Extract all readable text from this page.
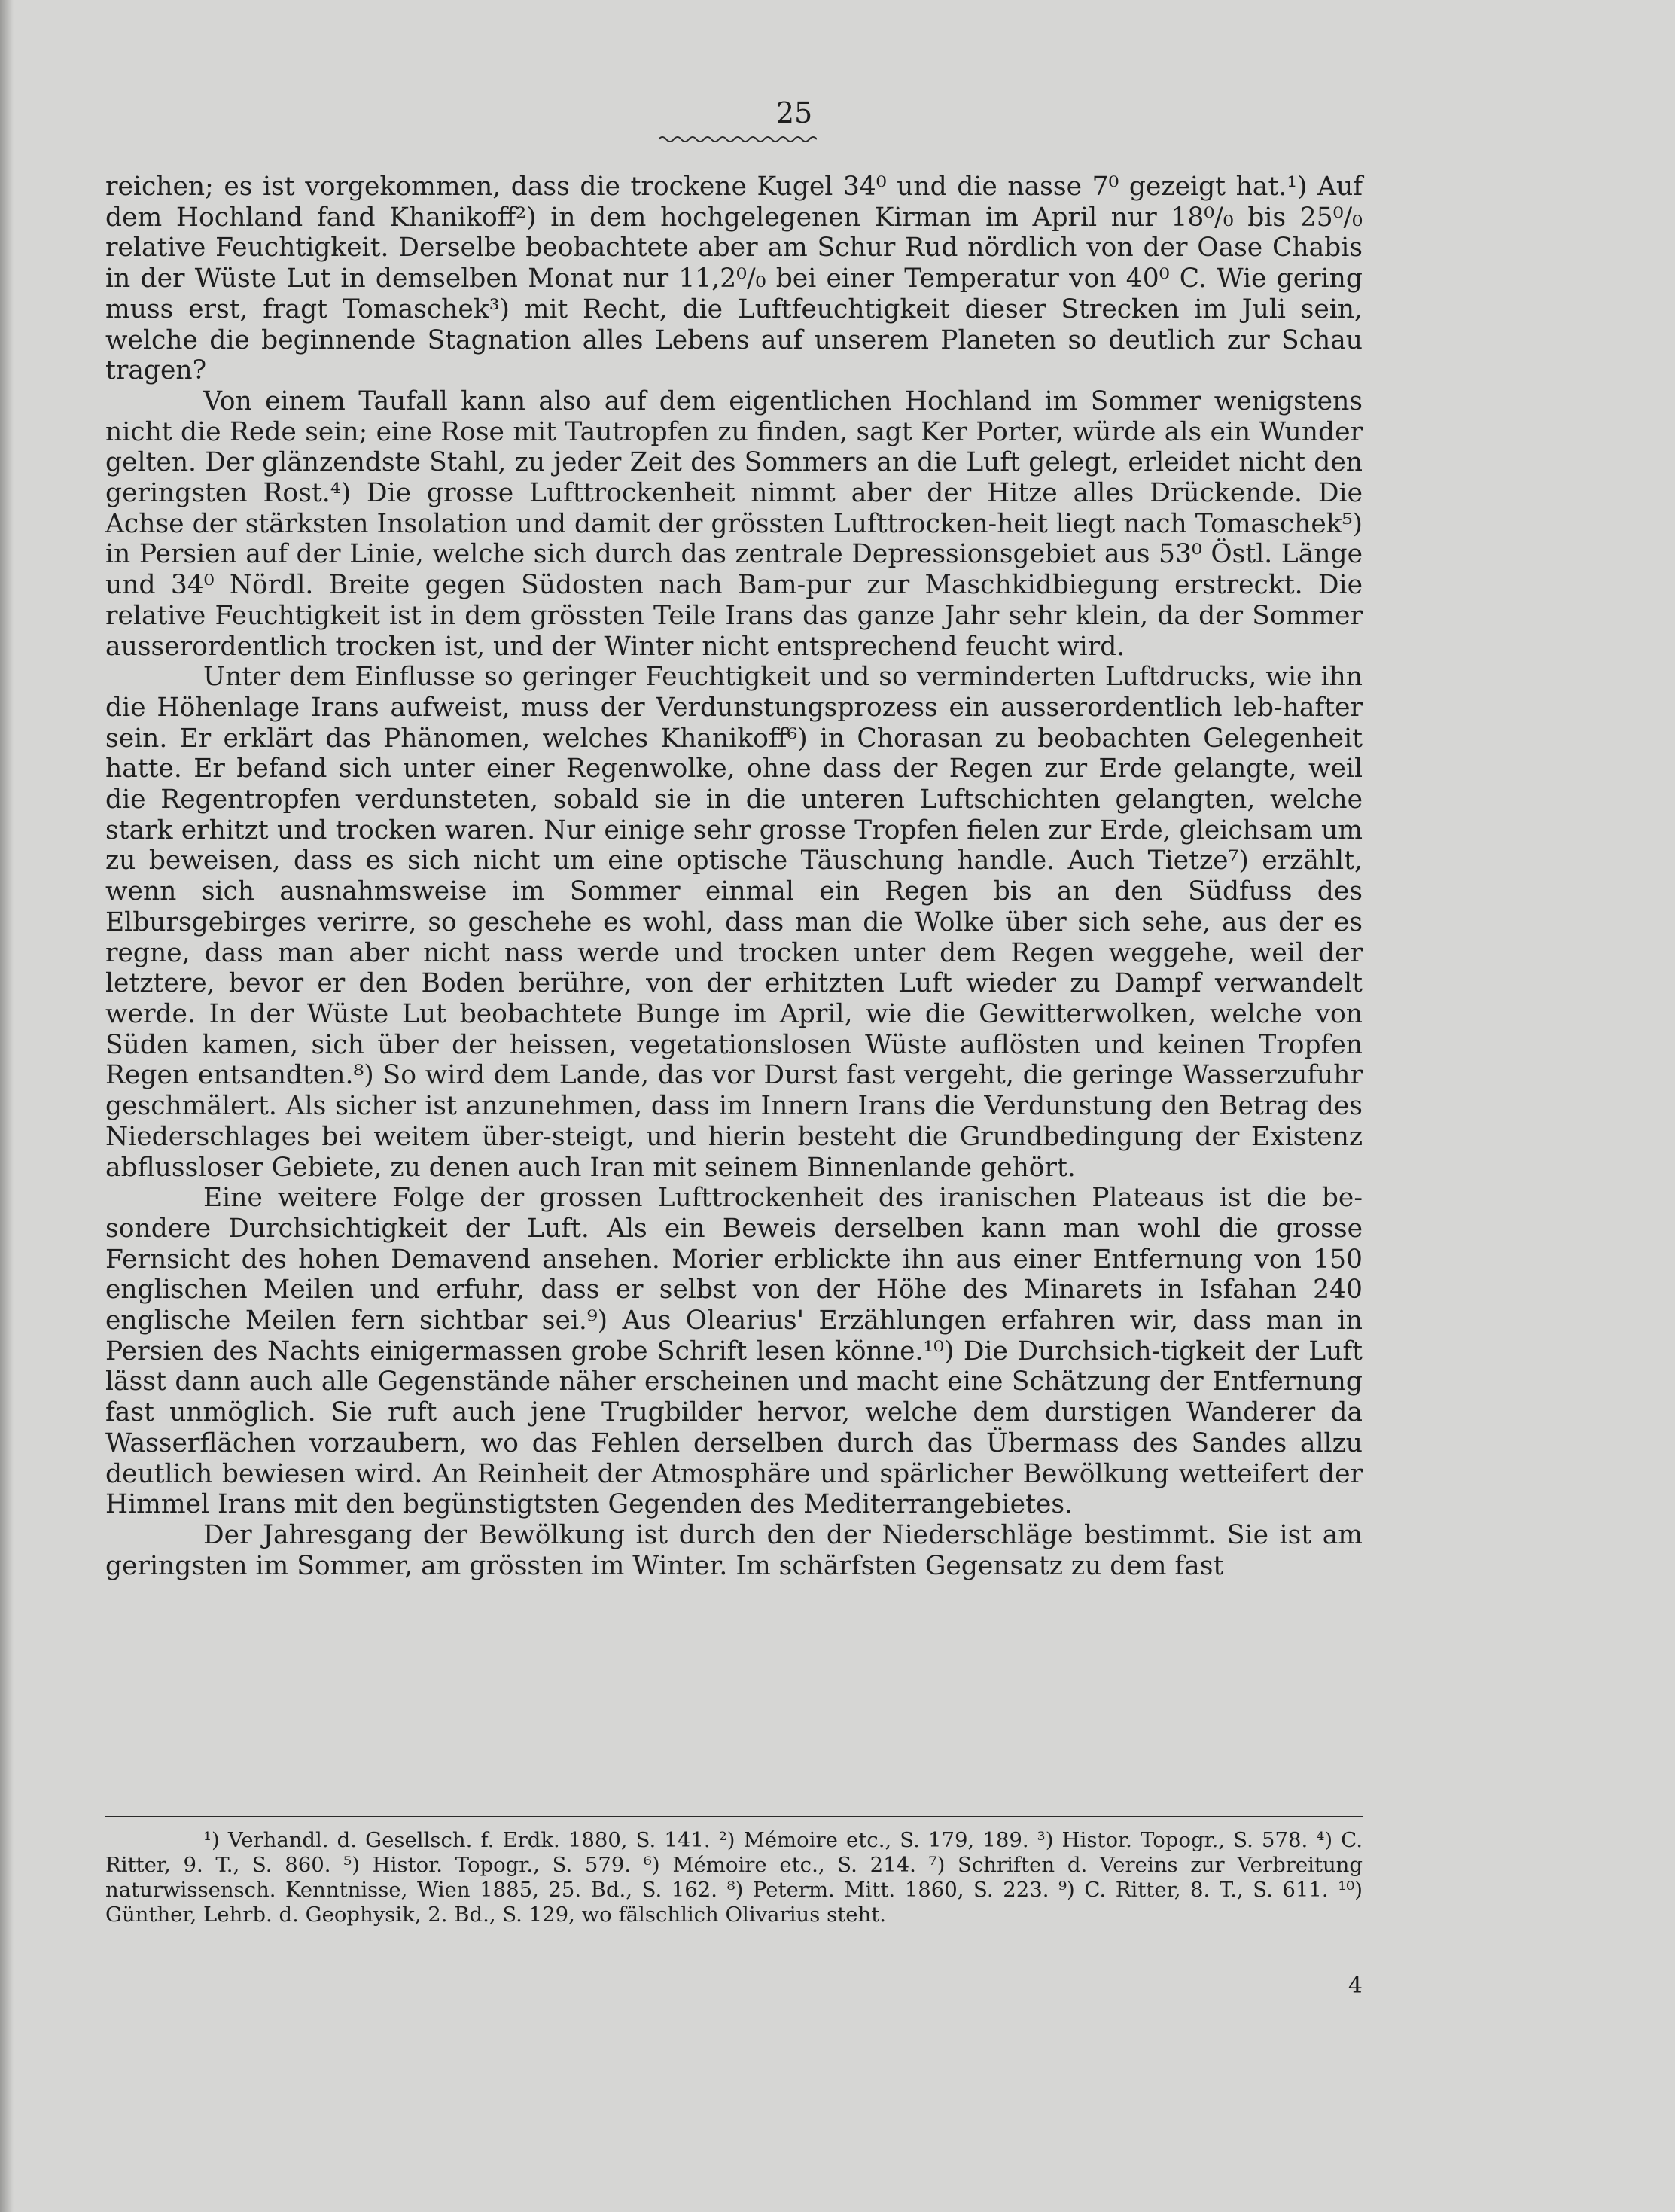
25

reichen; es ist vorgekommen, dass die trockene Kugel 34⁰ und die nasse 7⁰ gezeigt hat.¹) Auf dem Hochland fand Khanikoff²) in dem hochgelegenen Kirman im April nur 18⁰/₀ bis 25⁰/₀ relative Feuchtigkeit. Derselbe beobachtete aber am Schur Rud nördlich von der Oase Chabis in der Wüste Lut in demselben Monat nur 11,2⁰/₀ bei einer Temperatur von 40⁰ C. Wie gering muss erst, fragt Tomaschek³) mit Recht, die Luftfeuchtigkeit dieser Strecken im Juli sein, welche die beginnende Stagnation alles Lebens auf unserem Planeten so deutlich zur Schau tragen?

Von einem Taufall kann also auf dem eigentlichen Hochland im Sommer wenigstens nicht die Rede sein; eine Rose mit Tautropfen zu finden, sagt Ker Porter, würde als ein Wunder gelten. Der glänzendste Stahl, zu jeder Zeit des Sommers an die Luft gelegt, erleidet nicht den geringsten Rost.⁴) Die grosse Lufttrockenheit nimmt aber der Hitze alles Drückende. Die Achse der stärksten Insolation und damit der grössten Lufttrocken-heit liegt nach Tomaschek⁵) in Persien auf der Linie, welche sich durch das zentrale Depressionsgebiet aus 53⁰ Östl. Länge und 34⁰ Nördl. Breite gegen Südosten nach Bam-pur zur Maschkidbiegung erstreckt. Die relative Feuchtigkeit ist in dem grössten Teile Irans das ganze Jahr sehr klein, da der Sommer ausserordentlich trocken ist, und der Winter nicht entsprechend feucht wird.

Unter dem Einflusse so geringer Feuchtigkeit und so verminderten Luftdrucks, wie ihn die Höhenlage Irans aufweist, muss der Verdunstungsprozess ein ausserordentlich leb-hafter sein. Er erklärt das Phänomen, welches Khanikoff⁶) in Chorasan zu beobachten Gelegenheit hatte. Er befand sich unter einer Regenwolke, ohne dass der Regen zur Erde gelangte, weil die Regentropfen verdunsteten, sobald sie in die unteren Luftschichten gelangten, welche stark erhitzt und trocken waren. Nur einige sehr grosse Tropfen fielen zur Erde, gleichsam um zu beweisen, dass es sich nicht um eine optische Täuschung handle. Auch Tietze⁷) erzählt, wenn sich ausnahmsweise im Sommer einmal ein Regen bis an den Südfuss des Elbursgebirges verirre, so geschehe es wohl, dass man die Wolke über sich sehe, aus der es regne, dass man aber nicht nass werde und trocken unter dem Regen weggehe, weil der letztere, bevor er den Boden berühre, von der erhitzten Luft wieder zu Dampf verwandelt werde. In der Wüste Lut beobachtete Bunge im April, wie die Gewitterwolken, welche von Süden kamen, sich über der heissen, vegetationslosen Wüste auflösten und keinen Tropfen Regen entsandten.⁸) So wird dem Lande, das vor Durst fast vergeht, die geringe Wasserzufuhr geschmälert. Als sicher ist anzunehmen, dass im Innern Irans die Verdunstung den Betrag des Niederschlages bei weitem über-steigt, und hierin besteht die Grundbedingung der Existenz abflussloser Gebiete, zu denen auch Iran mit seinem Binnenlande gehört.

Eine weitere Folge der grossen Lufttrockenheit des iranischen Plateaus ist die be-sondere Durchsichtigkeit der Luft. Als ein Beweis derselben kann man wohl die grosse Fernsicht des hohen Demavend ansehen. Morier erblickte ihn aus einer Entfernung von 150 englischen Meilen und erfuhr, dass er selbst von der Höhe des Minarets in Isfahan 240 englische Meilen fern sichtbar sei.⁹) Aus Olearius' Erzählungen erfahren wir, dass man in Persien des Nachts einigermassen grobe Schrift lesen könne.¹⁰) Die Durchsich-tigkeit der Luft lässt dann auch alle Gegenstände näher erscheinen und macht eine Schätzung der Entfernung fast unmöglich. Sie ruft auch jene Trugbilder hervor, welche dem durstigen Wanderer da Wasserflächen vorzaubern, wo das Fehlen derselben durch das Übermass des Sandes allzu deutlich bewiesen wird. An Reinheit der Atmosphäre und spärlicher Bewölkung wetteifert der Himmel Irans mit den begünstigtsten Gegenden des Mediterrangebietes.

Der Jahresgang der Bewölkung ist durch den der Niederschläge bestimmt. Sie ist am geringsten im Sommer, am grössten im Winter. Im schärfsten Gegensatz zu dem fast

¹) Verhandl. d. Gesellsch. f. Erdk. 1880, S. 141. ²) Mémoire etc., S. 179, 189. ³) Histor. Topogr., S. 578. ⁴) C. Ritter, 9. T., S. 860. ⁵) Histor. Topogr., S. 579. ⁶) Mémoire etc., S. 214. ⁷) Schriften d. Vereins zur Verbreitung naturwissensch. Kenntnisse, Wien 1885, 25. Bd., S. 162. ⁸) Peterm. Mitt. 1860, S. 223. ⁹) C. Ritter, 8. T., S. 611. ¹⁰) Günther, Lehrb. d. Geophysik, 2. Bd., S. 129, wo fälschlich Olivarius steht.
4
